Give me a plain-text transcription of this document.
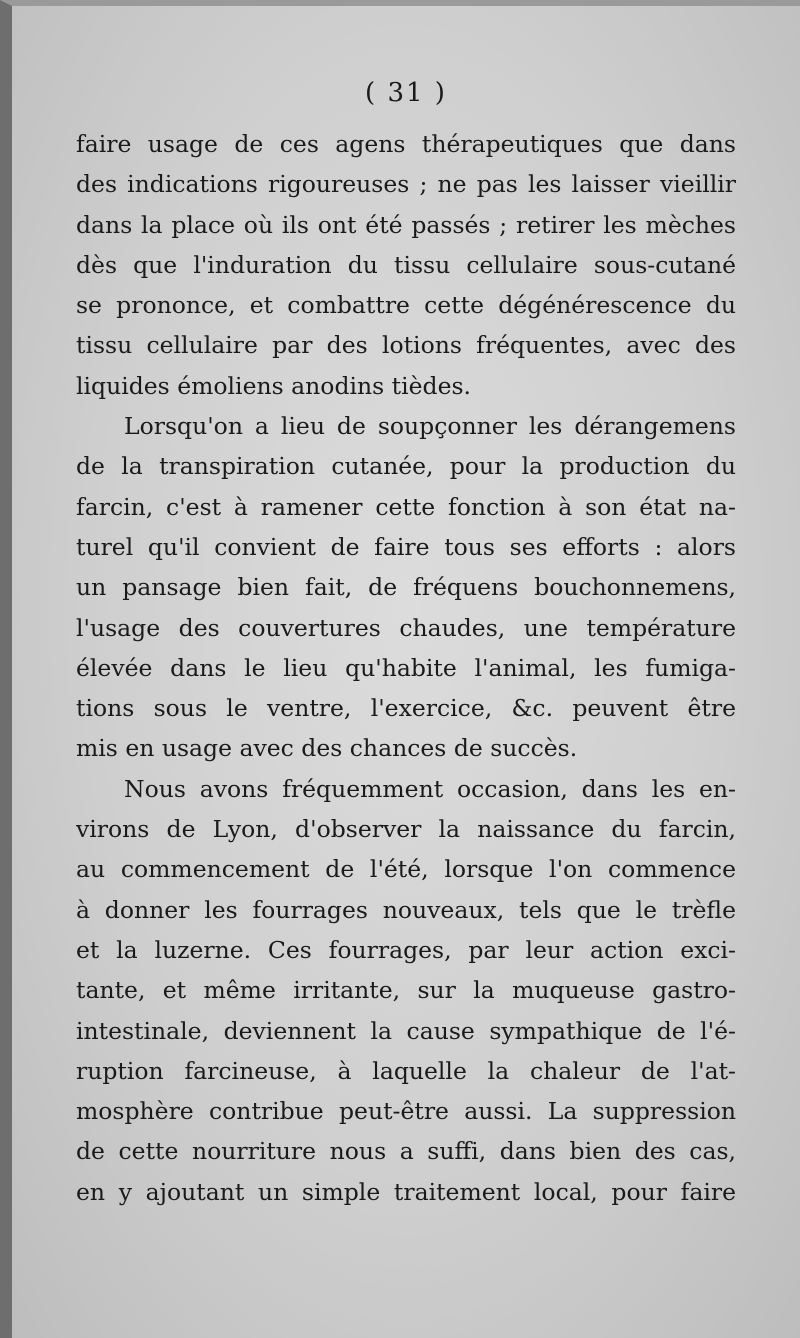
( 31 )
faire usage de ces agens thérapeutiques que dans
des indications rigoureuses ; ne pas les laisser vieillir
dans la place où ils ont été passés ; retirer les mèches
dès que l'induration du tissu cellulaire sous-cutané
se prononce, et combattre cette dégénérescence du
tissu cellulaire par des lotions fréquentes, avec des
liquides émoliens anodins tièdes.
Lorsqu'on a lieu de soupçonner les dérangemens
de la transpiration cutanée, pour la production du
farcin, c'est à ramener cette fonction à son état na-
turel qu'il convient de faire tous ses efforts : alors
un pansage bien fait, de fréquens bouchonnemens,
l'usage des couvertures chaudes, une température
élevée dans le lieu qu'habite l'animal, les fumiga-
tions sous le ventre, l'exercice, &c. peuvent être
mis en usage avec des chances de succès.
Nous avons fréquemment occasion, dans les en-
virons de Lyon, d'observer la naissance du farcin,
au commencement de l'été, lorsque l'on commence
à donner les fourrages nouveaux, tels que le trèfle
et la luzerne. Ces fourrages, par leur action exci-
tante, et même irritante, sur la muqueuse gastro-
intestinale, deviennent la cause sympathique de l'é-
ruption farcineuse, à laquelle la chaleur de l'at-
mosphère contribue peut-être aussi. La suppression
de cette nourriture nous a suffi, dans bien des cas,
en y ajoutant un simple traitement local, pour faire
